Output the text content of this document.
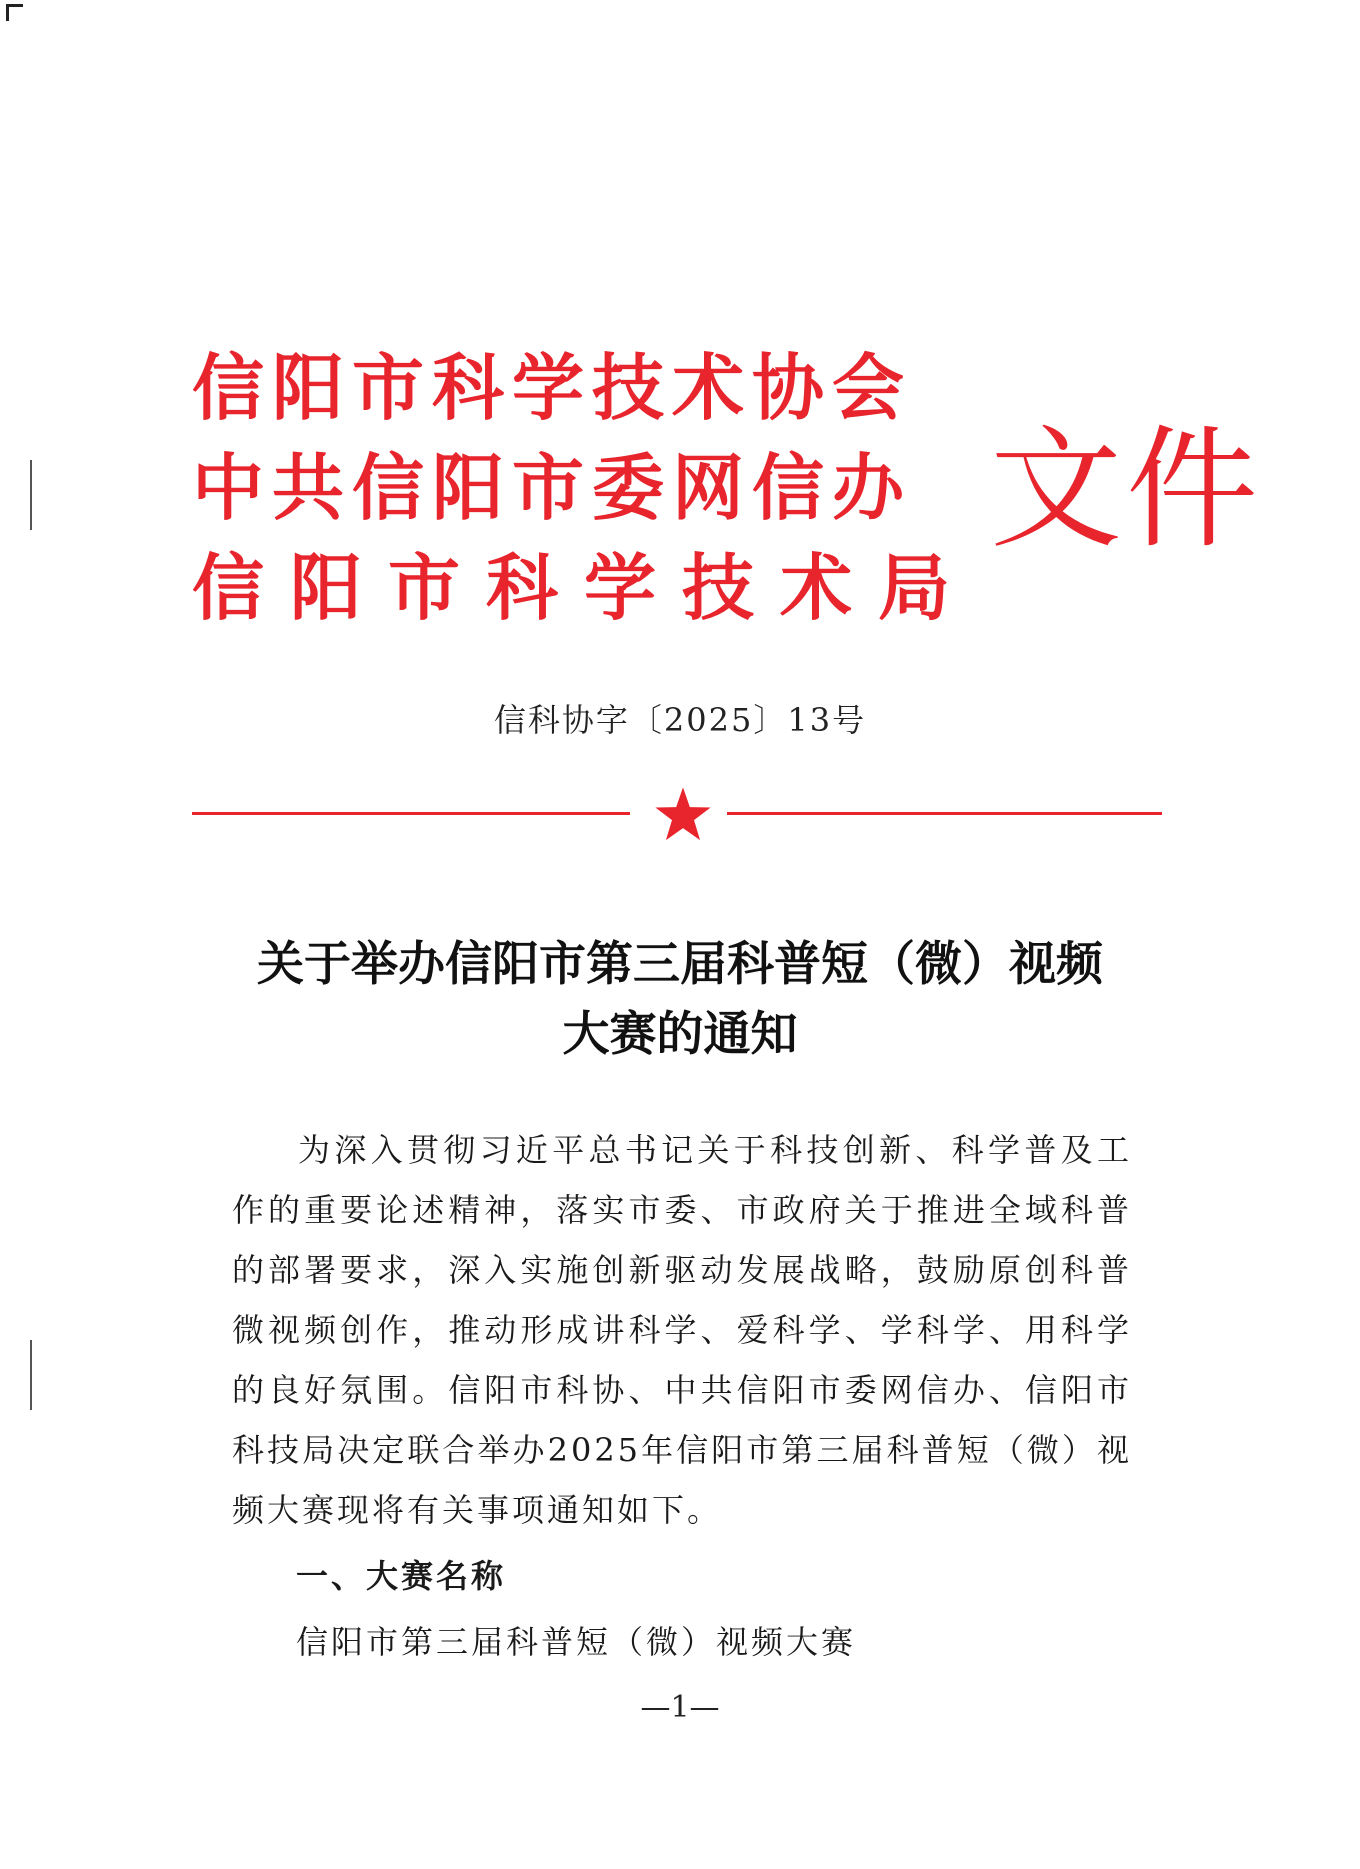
信阳市科学技术协会
中共信阳市委网信办
信阳市科学技术局
文件
信科协字〔2025〕13号
关于举办信阳市第三届科普短（微）视频
大赛的通知

为深入贯彻习近平总书记关于科技创新、科学普及工作的重要论述精神，落实市委、市政府关于推进全域科普的部署要求，深入实施创新驱动发展战略，鼓励原创科普微视频创作，推动形成讲科学、爱科学、学科学、用科学的良好氛围。信阳市科协、中共信阳市委网信办、信阳市科技局决定联合举办2025年信阳市第三届科普短（微）视频大赛现将有关事项通知如下。

一、大赛名称

信阳市第三届科普短（微）视频大赛

—1—
